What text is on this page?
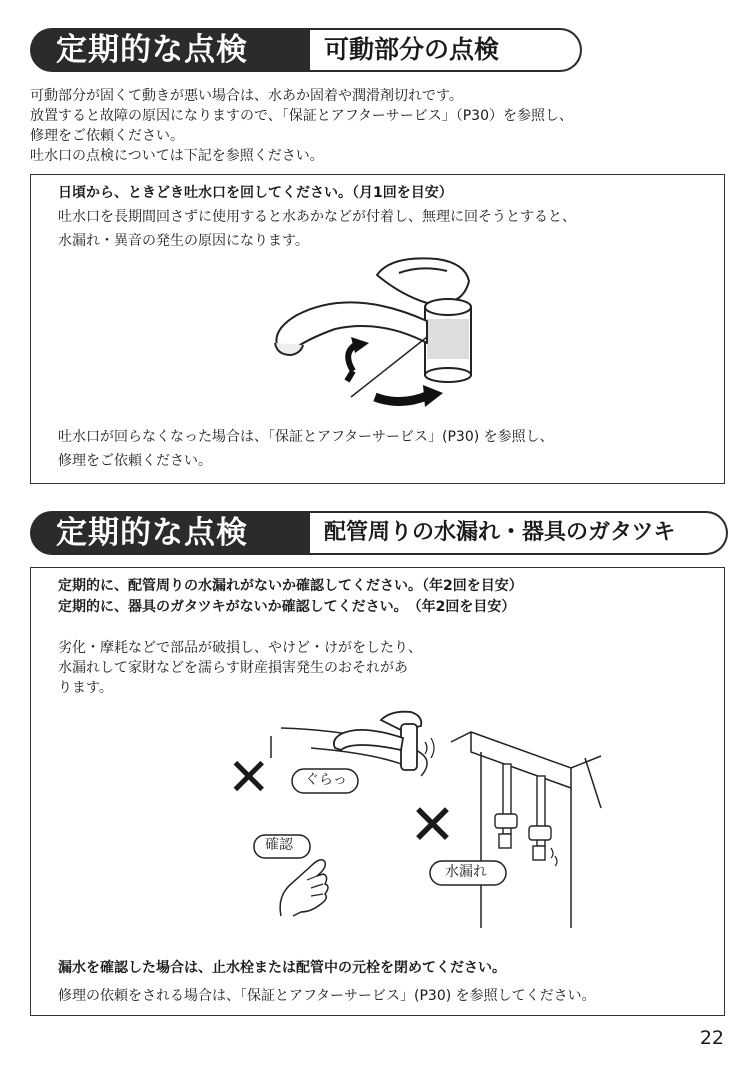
定期的な点検	可動部分の点検
可動部分が固くて動きが悪い場合は、水あか固着や潤滑剤切れです。
放置すると故障の原因になりますので、「保証とアフターサービス」（P30）を参照し、
修理をご依頼ください。
吐水口の点検については下記を参照ください。
日頃から、ときどき吐水口を回してください。（月1回を目安）
吐水口を長期間回さずに使用すると水あかなどが付着し、無理に回そうとすると、
水漏れ・異音の発生の原因になります。
吐水口が回らなくなった場合は、「保証とアフターサービス」(P30) を参照し、
修理をご依頼ください。
定期的な点検	配管周りの水漏れ・器具のガタツキ
定期的に、配管周りの水漏れがないか確認してください。（年2回を目安）
定期的に、器具のガタツキがないか確認してください。　（年2回を目安）
劣化・摩耗などで部品が破損し、やけど・けがをしたり、
水漏れして家財などを濡らす財産損害発生のおそれがあ
ります。
✕ ぐらっ
確認 ✕
水漏れ
漏水を確認した場合は、止水栓または配管中の元栓を閉めてください。
修理の依頼をされる場合は、「保証とアフターサービス」(P30) を参照してください。
22
